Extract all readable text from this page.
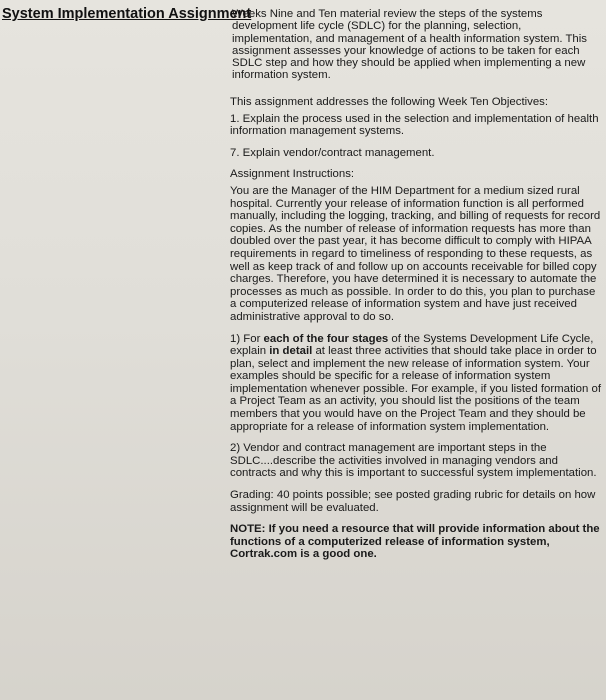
System Implementation Assignment
Weeks Nine and Ten material review the steps of the systems development life cycle (SDLC) for the planning, selection, implementation, and management of a health information system. This assignment assesses your knowledge of actions to be taken for each SDLC step and how they should be applied when implementing a new information system.

This assignment addresses the following Week Ten Objectives:

1. Explain the process used in the selection and implementation of health information management systems.

7. Explain vendor/contract management.

Assignment Instructions:

You are the Manager of the HIM Department for a medium sized rural hospital. Currently your release of information function is all performed manually, including the logging, tracking, and billing of requests for record copies. As the number of release of information requests has more than doubled over the past year, it has become difficult to comply with HIPAA requirements in regard to timeliness of responding to these requests, as well as keep track of and follow up on accounts receivable for billed copy charges. Therefore, you have determined it is necessary to automate the processes as much as possible. In order to do this, you plan to purchase a computerized release of information system and have just received administrative approval to do so.

1) For each of the four stages of the Systems Development Life Cycle, explain in detail at least three activities that should take place in order to plan, select and implement the new release of information system. Your examples should be specific for a release of information system implementation whenever possible. For example, if you listed formation of a Project Team as an activity, you should list the positions of the team members that you would have on the Project Team and they should be appropriate for a release of information system implementation.

2) Vendor and contract management are important steps in the SDLC....describe the activities involved in managing vendors and contracts and why this is important to successful system implementation.

Grading: 40 points possible; see posted grading rubric for details on how assignment will be evaluated.

NOTE: If you need a resource that will provide information about the functions of a computerized release of information system, Cortrak.com is a good one.
